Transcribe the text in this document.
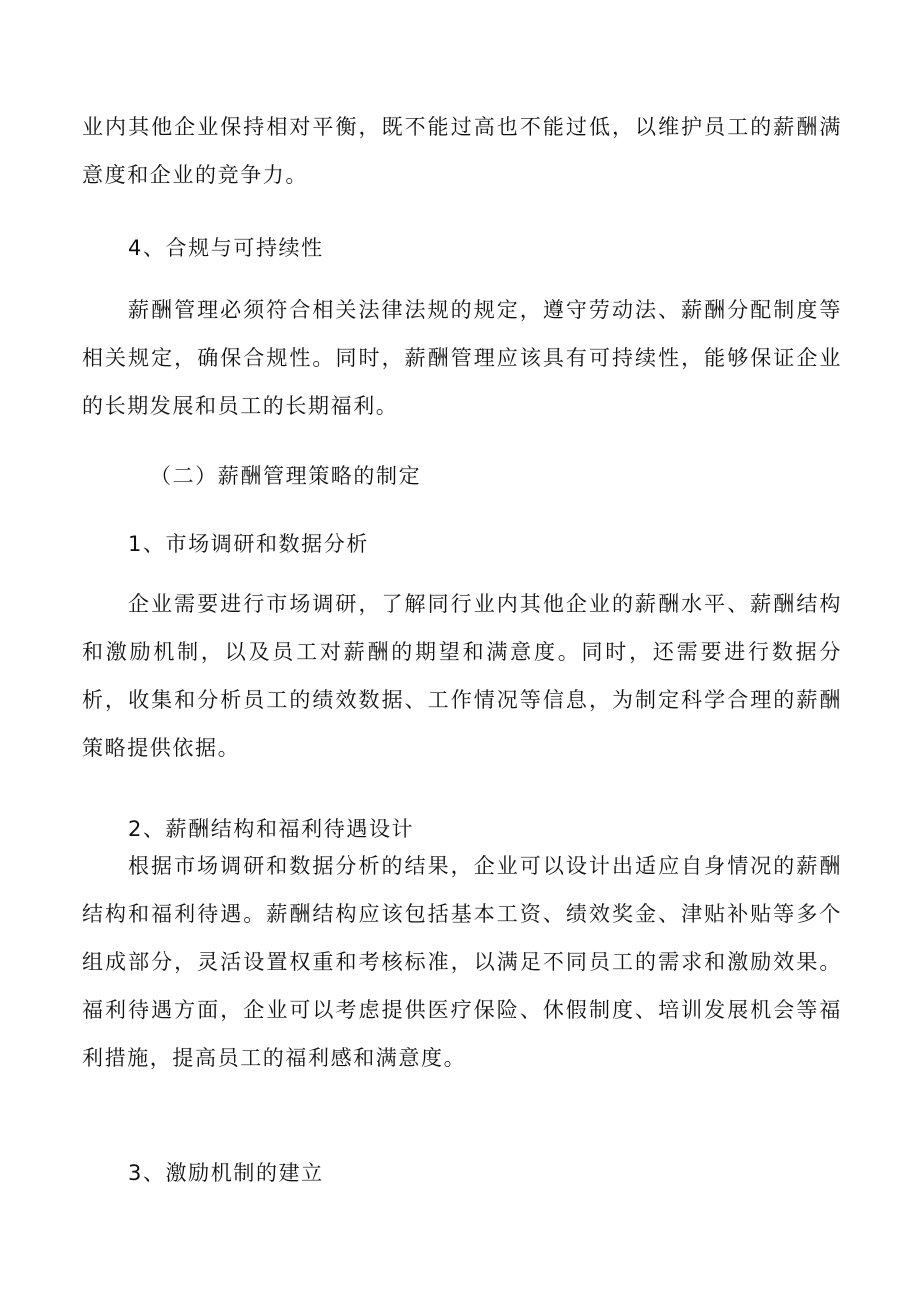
业内其他企业保持相对平衡，既不能过高也不能过低，以维护员工的薪酬满意度和企业的竞争力。

4、合规与可持续性

薪酬管理必须符合相关法律法规的规定，遵守劳动法、薪酬分配制度等相关规定，确保合规性。同时，薪酬管理应该具有可持续性，能够保证企业的长期发展和员工的长期福利。

（二）薪酬管理策略的制定

1、市场调研和数据分析

企业需要进行市场调研，了解同行业内其他企业的薪酬水平、薪酬结构和激励机制，以及员工对薪酬的期望和满意度。同时，还需要进行数据分析，收集和分析员工的绩效数据、工作情况等信息，为制定科学合理的薪酬策略提供依据。

2、薪酬结构和福利待遇设计

根据市场调研和数据分析的结果，企业可以设计出适应自身情况的薪酬结构和福利待遇。薪酬结构应该包括基本工资、绩效奖金、津贴补贴等多个组成部分，灵活设置权重和考核标准，以满足不同员工的需求和激励效果。福利待遇方面，企业可以考虑提供医疗保险、休假制度、培训发展机会等福利措施，提高员工的福利感和满意度。

3、激励机制的建立
